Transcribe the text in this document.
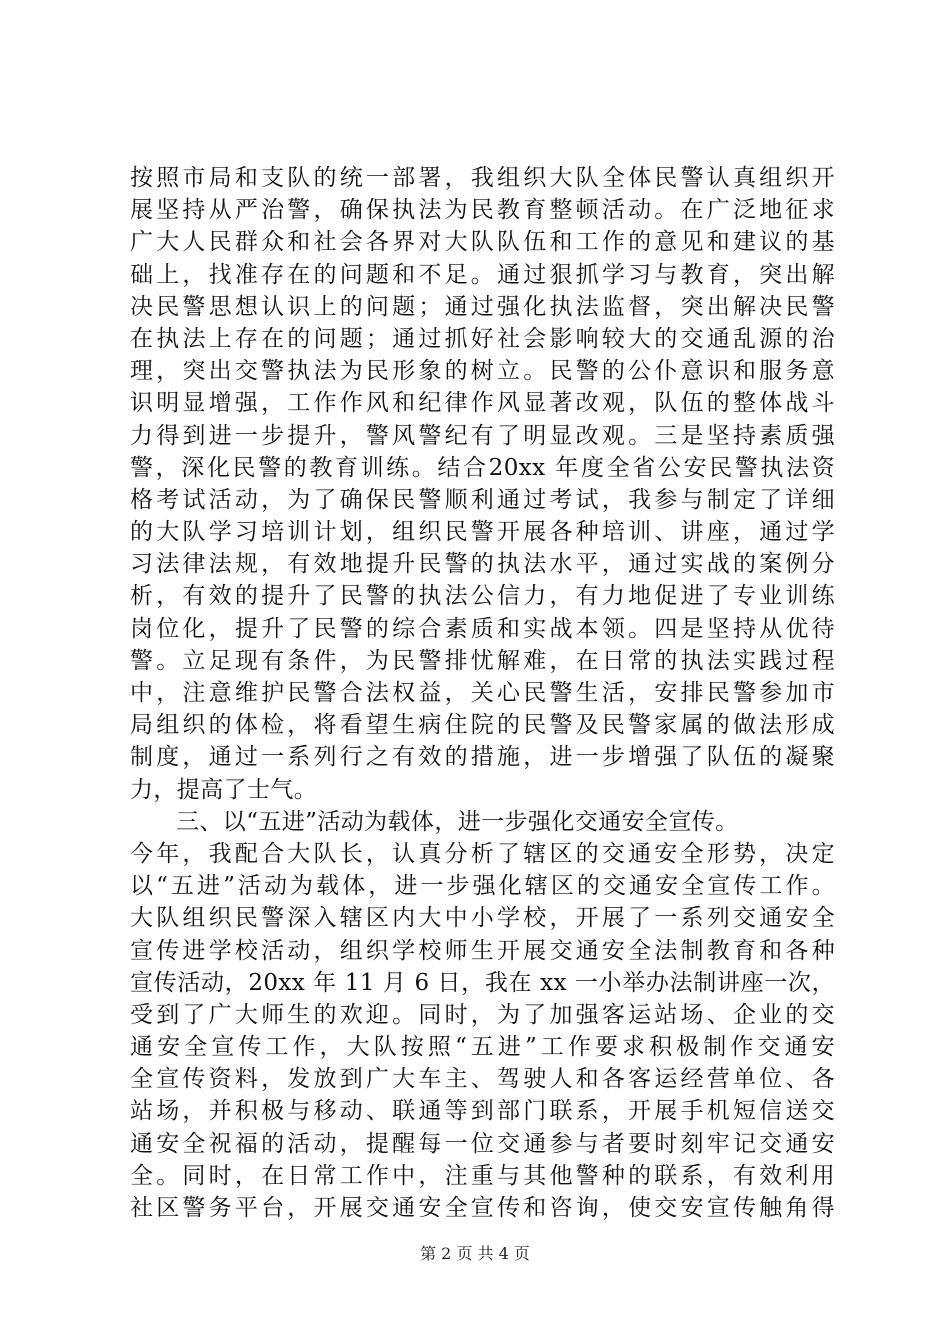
按照市局和支队的统一部署，我组织大队全体民警认真组织开
展坚持从严治警，确保执法为民教育整顿活动。在广泛地征求
广大人民群众和社会各界对大队队伍和工作的意见和建议的基
础上，找准存在的问题和不足。通过狠抓学习与教育，突出解
决民警思想认识上的问题；通过强化执法监督，突出解决民警
在执法上存在的问题；通过抓好社会影响较大的交通乱源的治
理，突出交警执法为民形象的树立。民警的公仆意识和服务意
识明显增强，工作作风和纪律作风显著改观，队伍的整体战斗
力得到进一步提升，警风警纪有了明显改观。三是坚持素质强
警，深化民警的教育训练。结合20xx 年度全省公安民警执法资
格考试活动，为了确保民警顺利通过考试，我参与制定了详细
的大队学习培训计划，组织民警开展各种培训、讲座，通过学
习法律法规，有效地提升民警的执法水平，通过实战的案例分
析，有效的提升了民警的执法公信力，有力地促进了专业训练
岗位化，提升了民警的综合素质和实战本领。四是坚持从优待
警。立足现有条件，为民警排忧解难，在日常的执法实践过程
中，注意维护民警合法权益，关心民警生活，安排民警参加市
局组织的体检，将看望生病住院的民警及民警家属的做法形成
制度，通过一系列行之有效的措施，进一步增强了队伍的凝聚
力，提高了士气。
三、以“五进”活动为载体，进一步强化交通安全宣传。
今年，我配合大队长，认真分析了辖区的交通安全形势，决定
以“五进”活动为载体，进一步强化辖区的交通安全宣传工作。
大队组织民警深入辖区内大中小学校，开展了一系列交通安全
宣传进学校活动，组织学校师生开展交通安全法制教育和各种
宣传活动，20xx 年 11 月 6 日，我在 xx 一小举办法制讲座一次，
受到了广大师生的欢迎。同时，为了加强客运站场、企业的交
通安全宣传工作，大队按照“五进”工作要求积极制作交通安
全宣传资料，发放到广大车主、驾驶人和各客运经营单位、各
站场，并积极与移动、联通等到部门联系，开展手机短信送交
通安全祝福的活动，提醒每一位交通参与者要时刻牢记交通安
全。同时，在日常工作中，注重与其他警种的联系，有效利用
社区警务平台，开展交通安全宣传和咨询，使交安宣传触角得
第 2 页 共 4 页
